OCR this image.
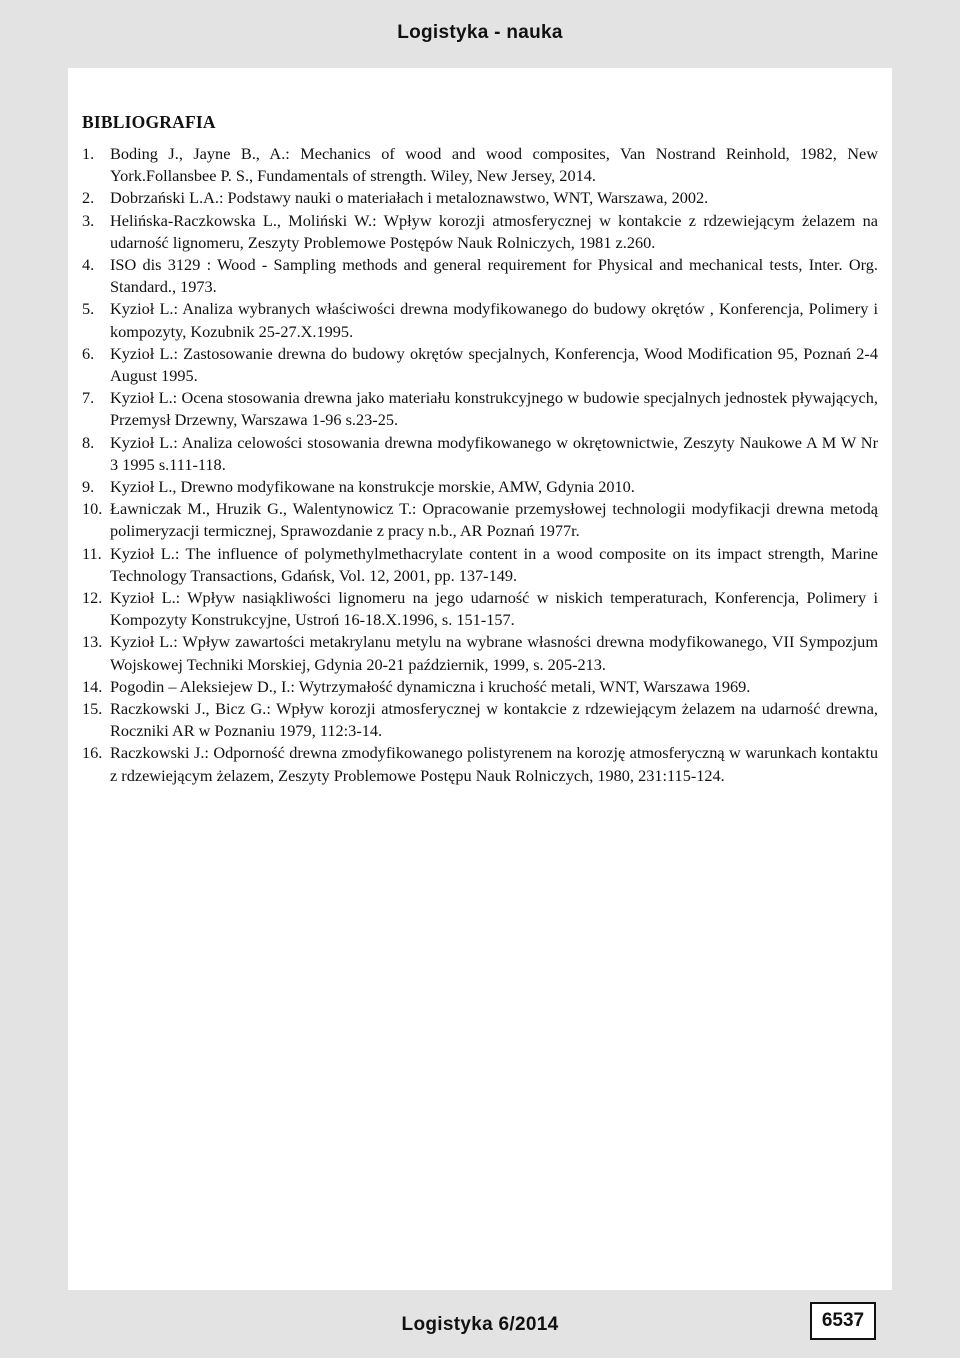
Logistyka - nauka
BIBLIOGRAFIA
1. Boding J., Jayne B., A.: Mechanics of wood and wood composites, Van Nostrand Reinhold, 1982, New York.Follansbee P. S., Fundamentals of strength. Wiley, New Jersey, 2014.
2. Dobrzański L.A.: Podstawy nauki o materiałach i metaloznawstwo, WNT, Warszawa, 2002.
3. Helińska-Raczkowska L., Moliński W.: Wpływ korozji atmosferycznej w kontakcie z rdzewiejącym żelazem na udarność lignomeru, Zeszyty Problemowe Postępów Nauk Rolniczych, 1981 z.260.
4. ISO dis 3129 : Wood - Sampling methods and general requirement for Physical and mechanical tests, Inter. Org. Standard., 1973.
5. Kyzioł L.: Analiza wybranych właściwości drewna modyfikowanego do budowy okrętów , Konferencja, Polimery i kompozyty, Kozubnik 25-27.X.1995.
6. Kyzioł L.: Zastosowanie drewna do budowy okrętów specjalnych, Konferencja, Wood Modification 95, Poznań 2-4 August 1995.
7. Kyzioł L.: Ocena stosowania drewna jako materiału konstrukcyjnego w budowie specjalnych jednostek pływających, Przemysł Drzewny, Warszawa 1-96 s.23-25.
8. Kyzioł L.: Analiza celowości stosowania drewna modyfikowanego w okrętownictwie, Zeszyty Naukowe A M W Nr 3 1995 s.111-118.
9. Kyzioł L., Drewno modyfikowane na konstrukcje morskie, AMW, Gdynia 2010.
10. Ławniczak M., Hruzik G., Walentynowicz T.: Opracowanie przemysłowej technologii modyfikacji drewna metodą polimeryzacji termicznej, Sprawozdanie z pracy n.b., AR Poznań 1977r.
11. Kyzioł L.: The influence of polymethylmethacrylate content in a wood composite on its impact strength, Marine Technology Transactions, Gdańsk, Vol. 12, 2001, pp. 137-149.
12. Kyzioł L.: Wpływ nasiąkliwości lignomeru na jego udarność w niskich temperaturach, Konferencja, Polimery i Kompozyty Konstrukcyjne, Ustroń 16-18.X.1996, s. 151-157.
13. Kyzioł L.: Wpływ zawartości metakrylanu metylu na wybrane własności drewna modyfikowanego, VII Sympozjum Wojskowej Techniki Morskiej, Gdynia 20-21 październik, 1999, s. 205-213.
14. Pogodin – Aleksiejew D., I.: Wytrzymałość dynamiczna i kruchość metali, WNT, Warszawa 1969.
15. Raczkowski J., Bicz G.: Wpływ korozji atmosferycznej w kontakcie z rdzewiejącym żelazem na udarność drewna, Roczniki AR w Poznaniu 1979, 112:3-14.
16. Raczkowski J.: Odporność drewna zmodyfikowanego polistyrenem na korozję atmosferyczną w warunkach kontaktu z rdzewiejącym żelazem, Zeszyty Problemowe Postępu Nauk Rolniczych, 1980, 231:115-124.
Logistyka 6/2014	6537
